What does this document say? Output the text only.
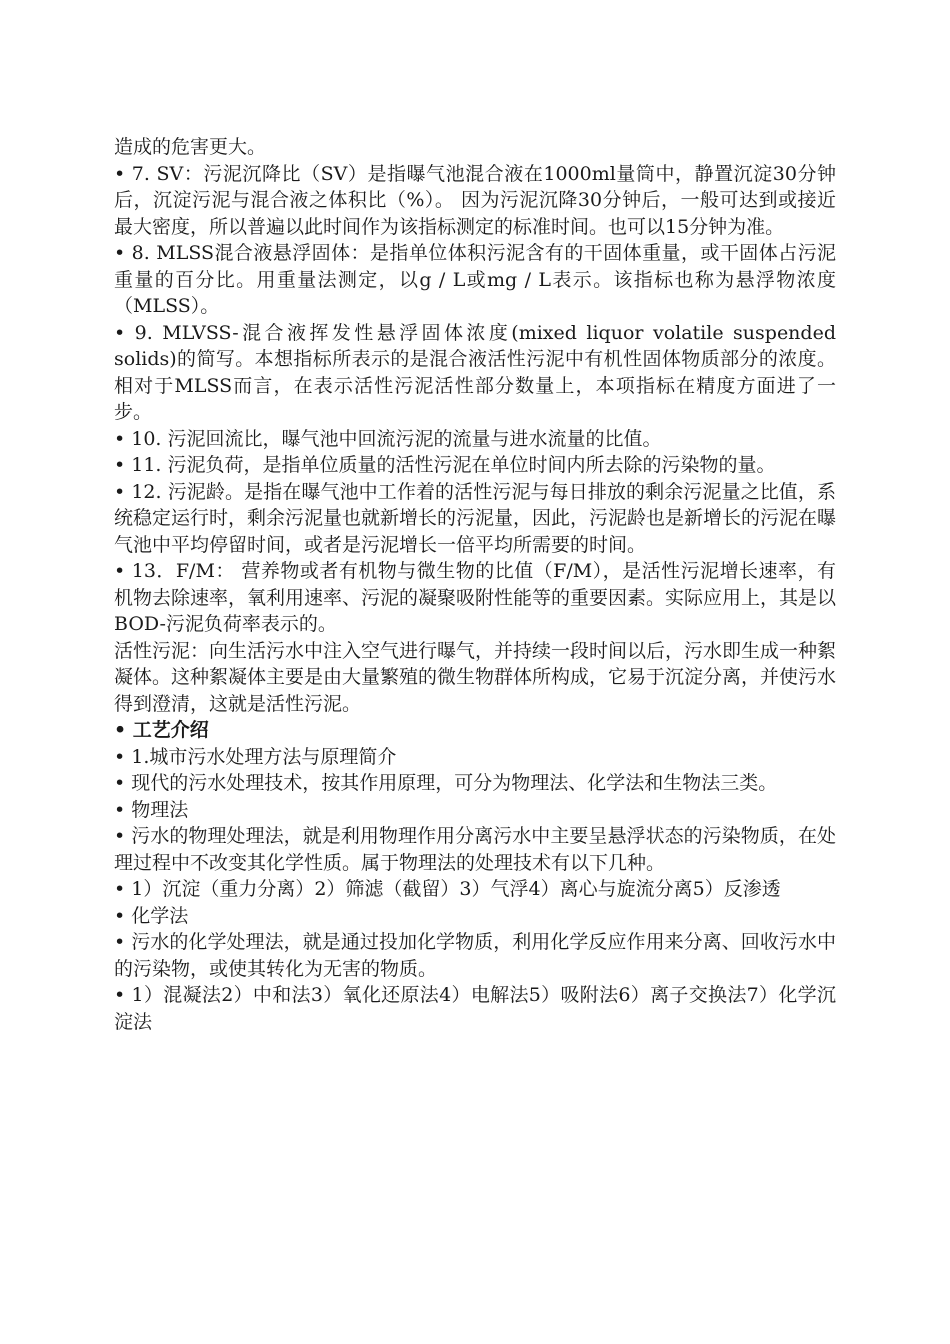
造成的危害更大。

• 7. SV：污泥沉降比（SV）是指曝气池混合液在1000ml量筒中，静置沉淀30分钟后，沉淀污泥与混合液之体积比（%）。 因为污泥沉降30分钟后，一般可达到或接近最大密度，所以普遍以此时间作为该指标测定的标准时间。也可以15分钟为准。

• 8. MLSS混合液悬浮固体：是指单位体积污泥含有的干固体重量，或干固体占污泥重量的百分比。用重量法测定，以g / L或mg / L表示。该指标也称为悬浮物浓度（MLSS）。

• 9. MLVSS-混合液挥发性悬浮固体浓度(mixed liquor volatile suspended solids)的简写。本想指标所表示的是混合液活性污泥中有机性固体物质部分的浓度。相对于MLSS而言，在表示活性污泥活性部分数量上，本项指标在精度方面进了一步。

• 10. 污泥回流比，曝气池中回流污泥的流量与进水流量的比值。

• 11. 污泥负荷，是指单位质量的活性污泥在单位时间内所去除的污染物的量。

• 12. 污泥龄。是指在曝气池中工作着的活性污泥与每日排放的剩余污泥量之比值，系统稳定运行时，剩余污泥量也就新增长的污泥量，因此，污泥龄也是新增长的污泥在曝气池中平均停留时间，或者是污泥增长一倍平均所需要的时间。

• 13．F/M： 营养物或者有机物与微生物的比值（F/M），是活性污泥增长速率，有机物去除速率，氧利用速率、污泥的凝聚吸附性能等的重要因素。实际应用上，其是以BOD-污泥负荷率表示的。

活性污泥：向生活污水中注入空气进行曝气，并持续一段时间以后，污水即生成一种絮凝体。这种絮凝体主要是由大量繁殖的微生物群体所构成，它易于沉淀分离，并使污水得到澄清，这就是活性污泥。

• 工艺介绍

• 1.城市污水处理方法与原理简介

• 现代的污水处理技术，按其作用原理，可分为物理法、化学法和生物法三类。

• 物理法

• 污水的物理处理法，就是利用物理作用分离污水中主要呈悬浮状态的污染物质，在处理过程中不改变其化学性质。属于物理法的处理技术有以下几种。

• 1）沉淀（重力分离）2）筛滤（截留）3）气浮4）离心与旋流分离5）反渗透

• 化学法

• 污水的化学处理法，就是通过投加化学物质，利用化学反应作用来分离、回收污水中的污染物，或使其转化为无害的物质。

• 1）混凝法2）中和法3）氧化还原法4）电解法5）吸附法6）离子交换法7）化学沉淀法
